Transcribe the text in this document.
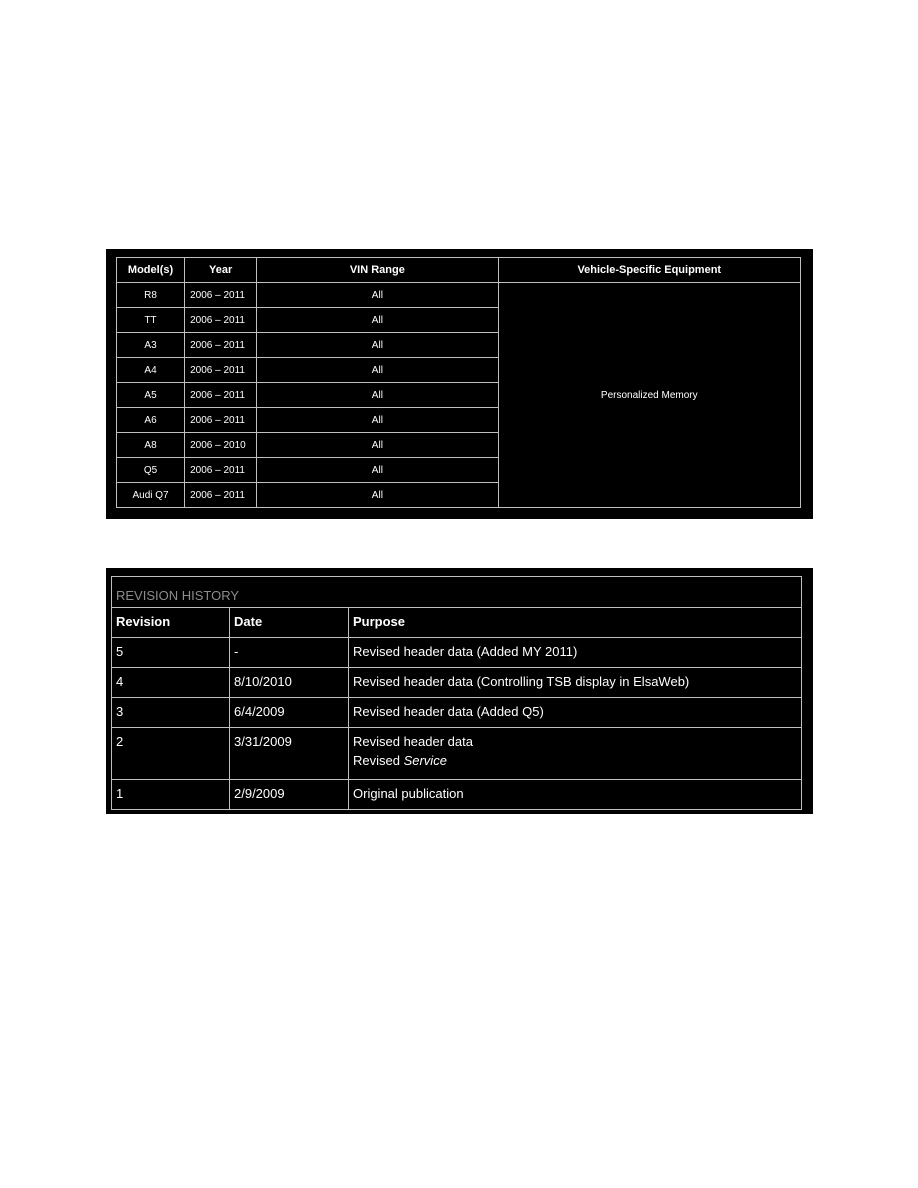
Model(s)	Year	VIN Range	Vehicle-Specific Equipment
R8	2006 – 2011	All	Personalized Memory
TT	2006 – 2011	All	
A3	2006 – 2011	All	
A4	2006 – 2011	All	
A5	2006 – 2011	All	
A6	2006 – 2011	All	
A8	2006 – 2010	All	
Q5	2006 – 2011	All	
Audi Q7	2006 – 2011	All	
REVISION HISTORY		
Revision	Date	Purpose
5	-	Revised header data (Added MY 2011)
4	8/10/2010	Revised header data (Controlling TSB display in ElsaWeb)
3	6/4/2009	Revised header data (Added Q5)
2	3/31/2009	Revised header data
Revised Service

1	2/9/2009	Original publication
